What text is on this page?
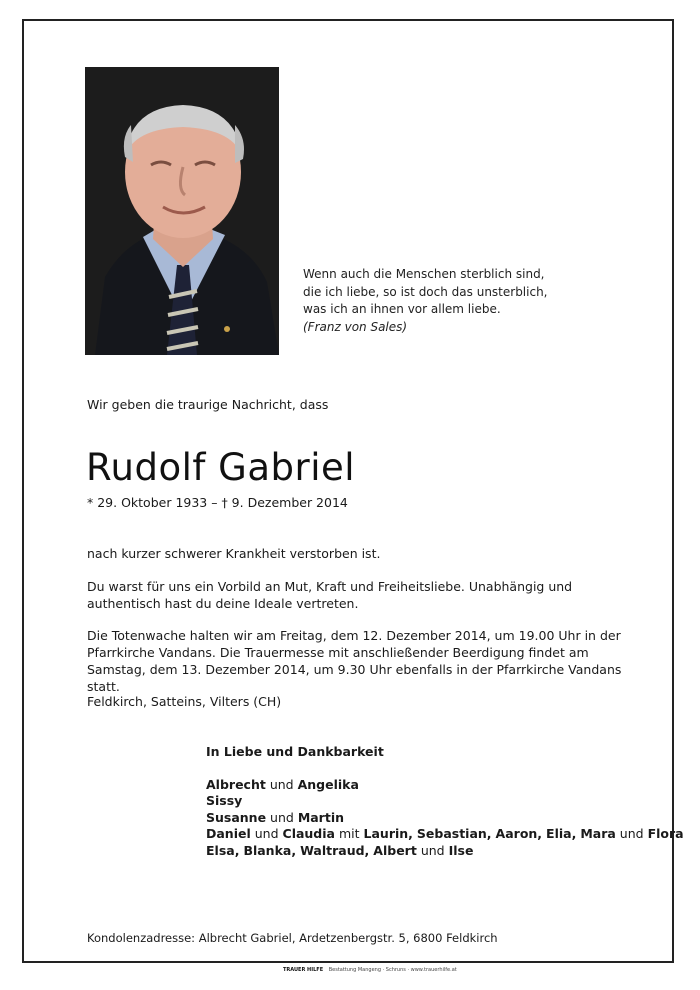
Wenn auch die Menschen sterblich sind,
die ich liebe, so ist doch das unsterblich,
was ich an ihnen vor allem liebe.
(Franz von Sales)
Wir geben die traurige Nachricht, dass
Rudolf Gabriel
* 29. Oktober 1933 – † 9. Dezember 2014
nach kurzer schwerer Krankheit verstorben ist.
Du warst für uns ein Vorbild an Mut, Kraft und Freiheitsliebe. Unabhängig und authentisch hast du deine Ideale vertreten.
Die Totenwache halten wir am Freitag, dem 12. Dezember 2014, um 19.00 Uhr in der Pfarrkirche Vandans. Die Trauermesse mit anschließender Beerdigung findet am Samstag, dem 13. Dezember 2014, um 9.30 Uhr ebenfalls in der Pfarrkirche Vandans statt.
Feldkirch, Satteins, Vilters (CH)
In Liebe und Dankbarkeit
Albrecht und Angelika
Sissy
Susanne und Martin
Daniel und Claudia mit Laurin, Sebastian, Aaron, Elia, Mara und Flora
Elsa, Blanka, Waltraud, Albert und Ilse
Kondolenzadresse: Albrecht Gabriel, Ardetzenbergstr. 5, 6800 Feldkirch
TRAUER HILFE Bestattung Mangeng · Schruns · www.trauerhilfe.at
